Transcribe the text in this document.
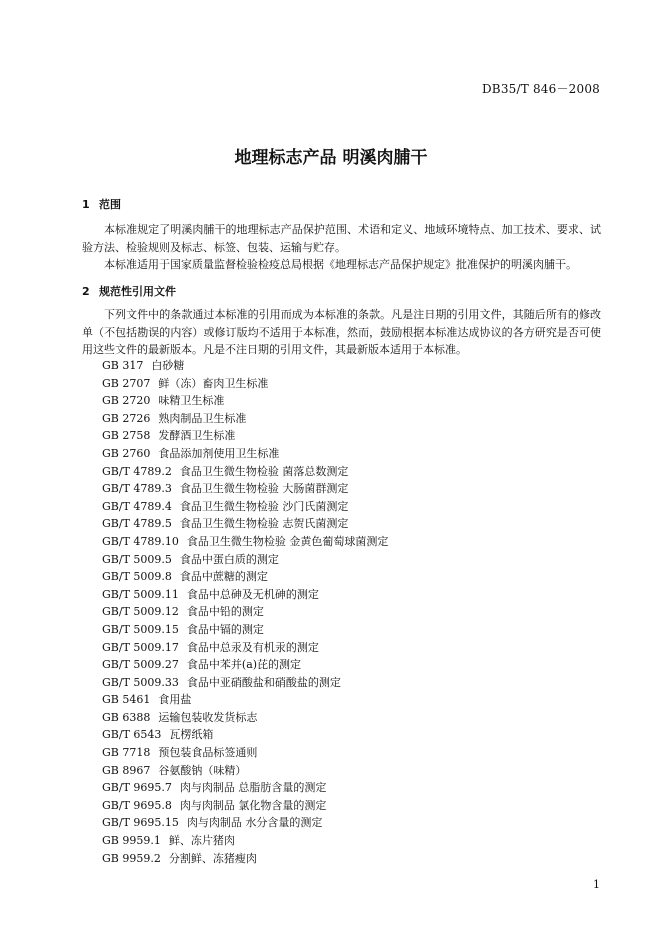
DB35/T 846－2008
地理标志产品 明溪肉脯干
1 范围

本标准规定了明溪肉脯干的地理标志产品保护范围、术语和定义、地域环境特点、加工技术、要求、试验方法、检验规则及标志、标签、包装、运输与贮存。

本标准适用于国家质量监督检验检疫总局根据《地理标志产品保护规定》批准保护的明溪肉脯干。

2 规范性引用文件

下列文件中的条款通过本标准的引用而成为本标准的条款。凡是注日期的引用文件，其随后所有的修改单（不包括勘误的内容）或修订版均不适用于本标准，然而，鼓励根据本标准达成协议的各方研究是否可使用这些文件的最新版本。凡是不注日期的引用文件，其最新版本适用于本标准。

GB 317 白砂糖
GB 2707 鲜（冻）畜肉卫生标准
GB 2720 味精卫生标准
GB 2726 熟肉制品卫生标准
GB 2758 发酵酒卫生标准
GB 2760 食品添加剂使用卫生标准
GB/T 4789.2 食品卫生微生物检验 菌落总数测定
GB/T 4789.3 食品卫生微生物检验 大肠菌群测定
GB/T 4789.4 食品卫生微生物检验 沙门氏菌测定
GB/T 4789.5 食品卫生微生物检验 志贺氏菌测定
GB/T 4789.10 食品卫生微生物检验 金黄色葡萄球菌测定
GB/T 5009.5 食品中蛋白质的测定
GB/T 5009.8 食品中蔗糖的测定
GB/T 5009.11 食品中总砷及无机砷的测定
GB/T 5009.12 食品中铅的测定
GB/T 5009.15 食品中镉的测定
GB/T 5009.17 食品中总汞及有机汞的测定
GB/T 5009.27 食品中苯并(a)芘的测定
GB/T 5009.33 食品中亚硝酸盐和硝酸盐的测定
GB 5461 食用盐
GB 6388 运输包装收发货标志
GB/T 6543 瓦楞纸箱
GB 7718 预包装食品标签通则
GB 8967 谷氨酸钠（味精）
GB/T 9695.7 肉与肉制品 总脂肪含量的测定
GB/T 9695.8 肉与肉制品 氯化物含量的测定
GB/T 9695.15 肉与肉制品 水分含量的测定
GB 9959.1 鲜、冻片猪肉
GB 9959.2 分割鲜、冻猪瘦肉
1
